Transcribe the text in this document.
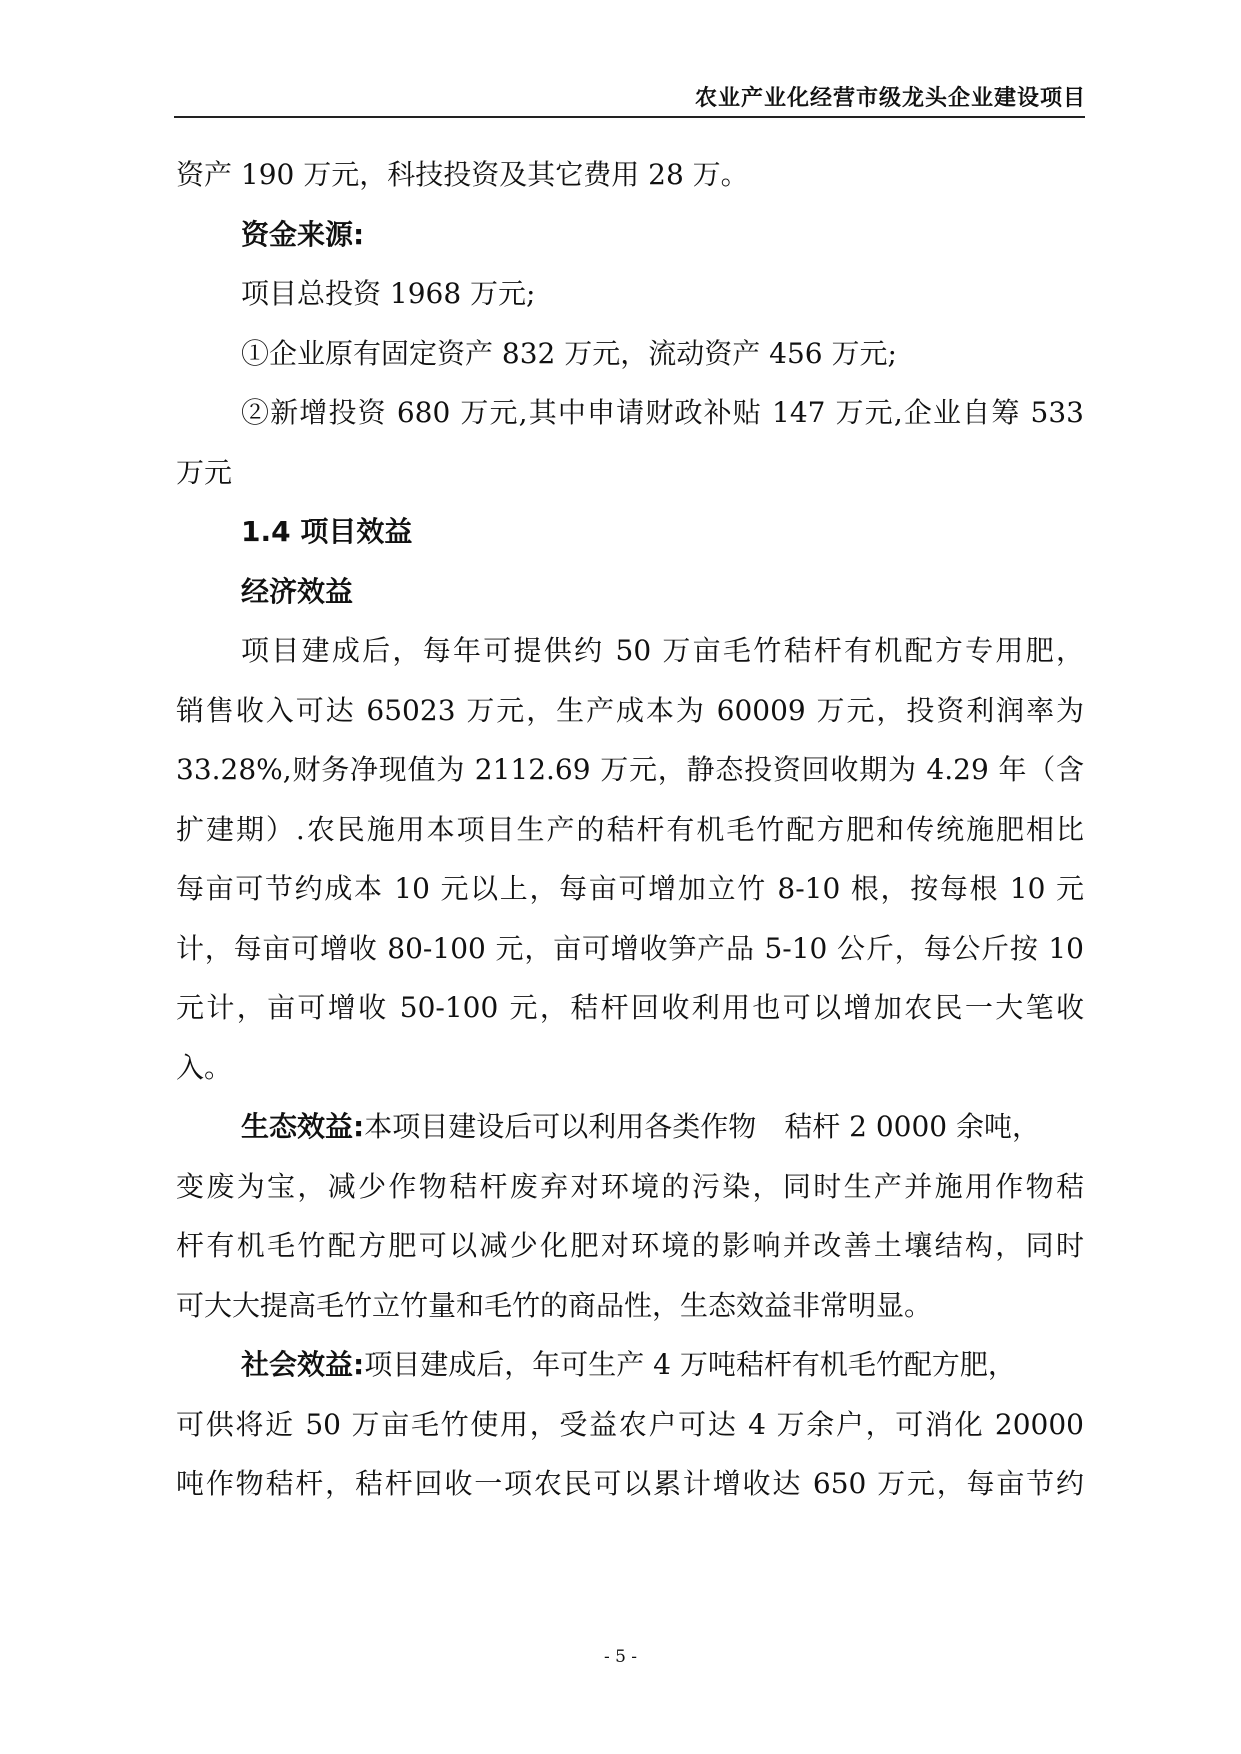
农业产业化经营市级龙头企业建设项目
资产 190 万元，科技投资及其它费用 28 万。
资金来源:
项目总投资 1968 万元;
①企业原有固定资产 832 万元，流动资产 456 万元;
②新增投资 680 万元,其中申请财政补贴 147 万元,企业自筹 533
万元
1.4 项目效益
经济效益
项目建成后，每年可提供约 50 万亩毛竹秸杆有机配方专用肥，
销售收入可达 65023 万元，生产成本为 60009 万元，投资利润率为
33.28%,财务净现值为 2112.69 万元，静态投资回收期为 4.29 年（含
扩建期）.农民施用本项目生产的秸杆有机毛竹配方肥和传统施肥相比
每亩可节约成本 10 元以上，每亩可增加立竹 8-10 根，按每根 10 元
计，每亩可增收 80-100 元，亩可增收笋产品 5-10 公斤，每公斤按 10
元计，亩可增收 50-100 元，秸杆回收利用也可以增加农民一大笔收
入。
生态效益:本项目建设后可以利用各类作物　秸杆 2 0000 余吨，
变废为宝，减少作物秸杆废弃对环境的污染，同时生产并施用作物秸
杆有机毛竹配方肥可以减少化肥对环境的影响并改善土壤结构，同时
可大大提高毛竹立竹量和毛竹的商品性，生态效益非常明显。
社会效益:项目建成后，年可生产 4 万吨秸杆有机毛竹配方肥，
可供将近 50 万亩毛竹使用，受益农户可达 4 万余户，可消化 20000
吨作物秸杆，秸杆回收一项农民可以累计增收达 650 万元，每亩节约
- 5 -
